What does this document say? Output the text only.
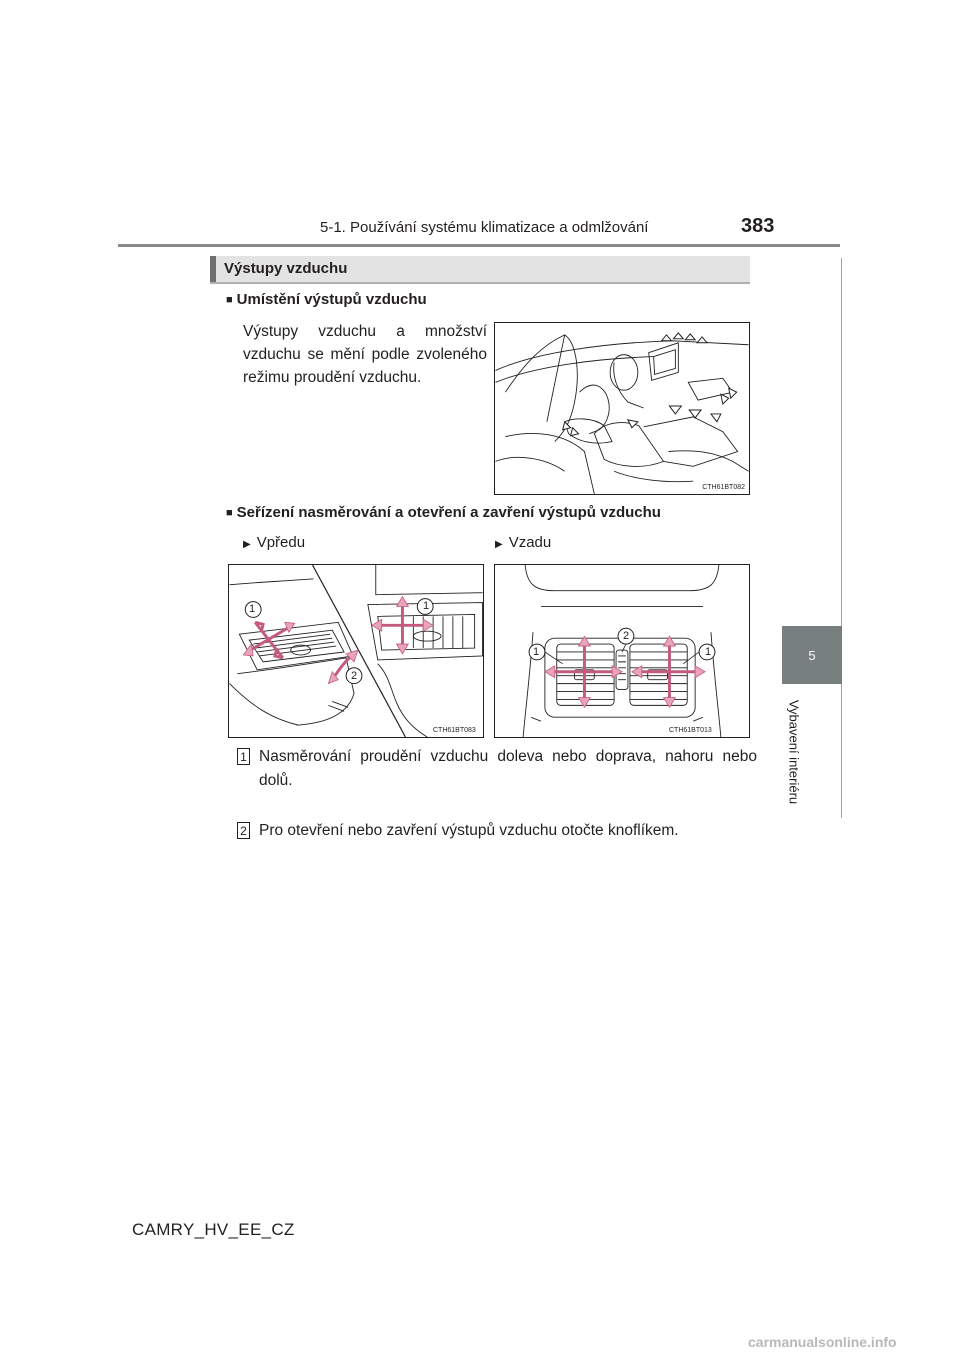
5-1. Používání systému klimatizace a odmlžování	383
5
Vybavení interiéru
Výstupy vzduchu
■ Umístění výstupů vzduchu
Výstupy vzduchu a množství vzduchu se mění podle zvoleného režimu proudění vzduchu.
CTH61BT082
■ Seřízení nasměrování a otevření a zavření výstupů vzduchu
▶ Vpředu	▶ Vzadu
1	1
2
CTH61BT083
1
2
1
CTH61BT013
1 Nasměrování proudění vzduchu doleva nebo doprava, nahoru nebo dolů.
2 Pro otevření nebo zavření výstupů vzduchu otočte knoflíkem.
CAMRY_HV_EE_CZ
carmanualsonline.info
